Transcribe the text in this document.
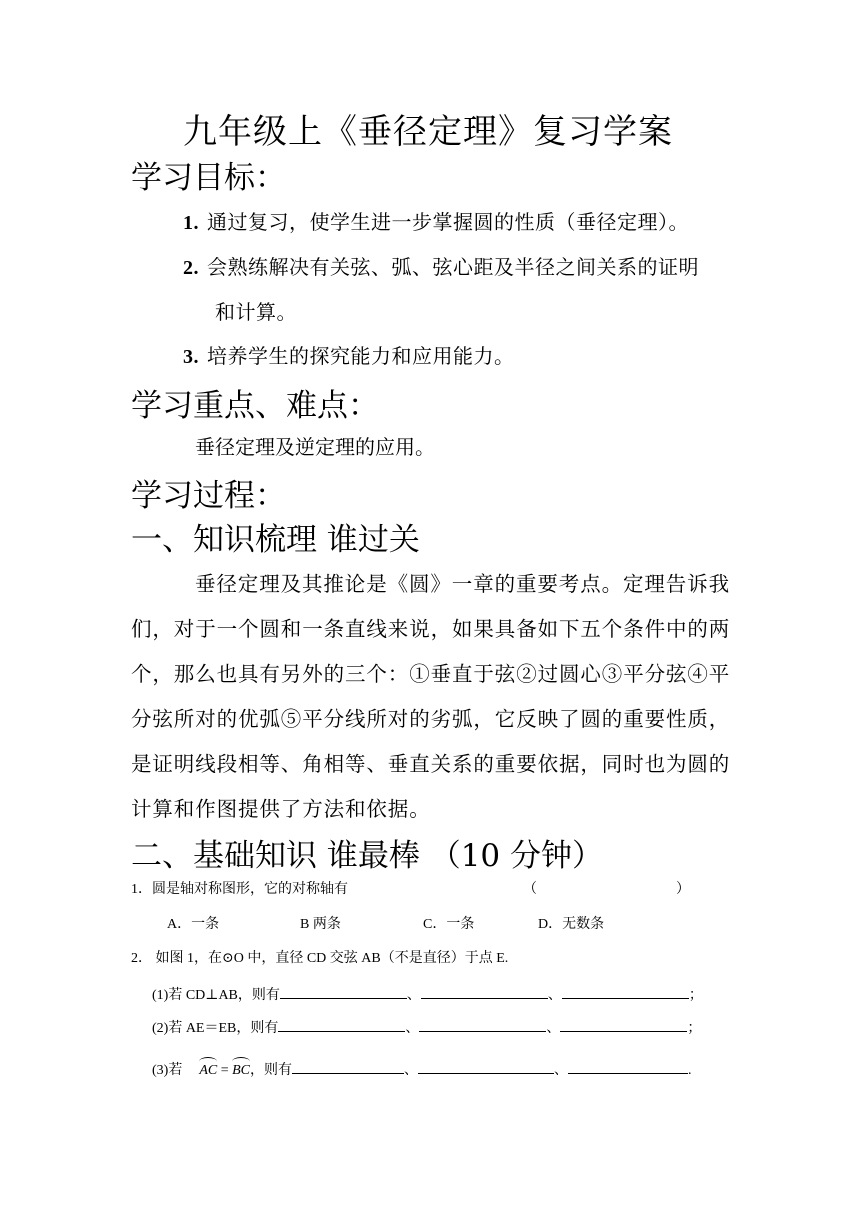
九年级上《垂径定理》复习学案
学习目标：
1. 通过复习，使学生进一步掌握圆的性质（垂径定理）。
2. 会熟练解决有关弦、弧、弦心距及半径之间关系的证明
和计算。
3. 培养学生的探究能力和应用能力。
学习重点、难点：
垂径定理及逆定理的应用。
学习过程：
一、知识梳理 谁过关
垂径定理及其推论是《圆》一章的重要考点。定理告诉我
们，对于一个圆和一条直线来说，如果具备如下五个条件中的两
个，那么也具有另外的三个：①垂直于弦②过圆心③平分弦④平
分弦所对的优弧⑤平分线所对的劣弧，它反映了圆的重要性质，
是证明线段相等、角相等、垂直关系的重要依据，同时也为圆的
计算和作图提供了方法和依据。
二、基础知识 谁最棒 （10 分钟）
1．圆是轴对称图形，它的对称轴有	（	）
A．一条	B 两条	C．一条	D．无数条
2． 如图 1，在⊙O 中，直径 CD 交弦 AB（不是直径）于点 E.
(1)若 CD⊥AB，则有	、	、	；
(2)若 AE＝EB，则有	、	、	；
(3)若 AC = BC，则有	、	、	.
